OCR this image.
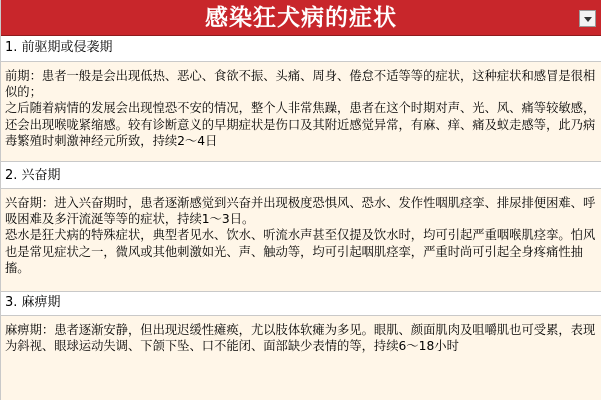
感染狂犬病的症状
1. 前驱期或侵袭期

前期：患者一般是会出现低热、恶心、食欲不振、头痛、周身、倦怠不适等等的症状，这种症状和感冒是很相似的；

之后随着病情的发展会出现惶恐不安的情况，整个人非常焦躁，患者在这个时期对声、光、风、痛等较敏感，还会出现喉咙紧缩感。较有诊断意义的早期症状是伤口及其附近感觉异常，有麻、痒、痛及蚁走感等，此乃病毒繁殖时刺激神经元所致，持续2～4日

2. 兴奋期

兴奋期：进入兴奋期时，患者逐渐感觉到兴奋并出现极度恐惧风、恐水、发作性咽肌痉挛、排尿排便困难、呼吸困难及多汗流涎等等的症状，持续1～3日。

恐水是狂犬病的特殊症状，典型者见水、饮水、听流水声甚至仅提及饮水时，均可引起严重咽喉肌痉挛。怕风也是常见症状之一，微风或其他刺激如光、声、触动等，均可引起咽肌痉挛，严重时尚可引起全身疼痛性抽搐。

3. 麻痹期

麻痹期：患者逐渐安静，但出现迟缓性瘫痪，尤以肢体软瘫为多见。眼肌、颜面肌肉及咀嚼肌也可受累，表现为斜视、眼球运动失调、下颌下坠、口不能闭、面部缺少表情的等，持续6～18小时
